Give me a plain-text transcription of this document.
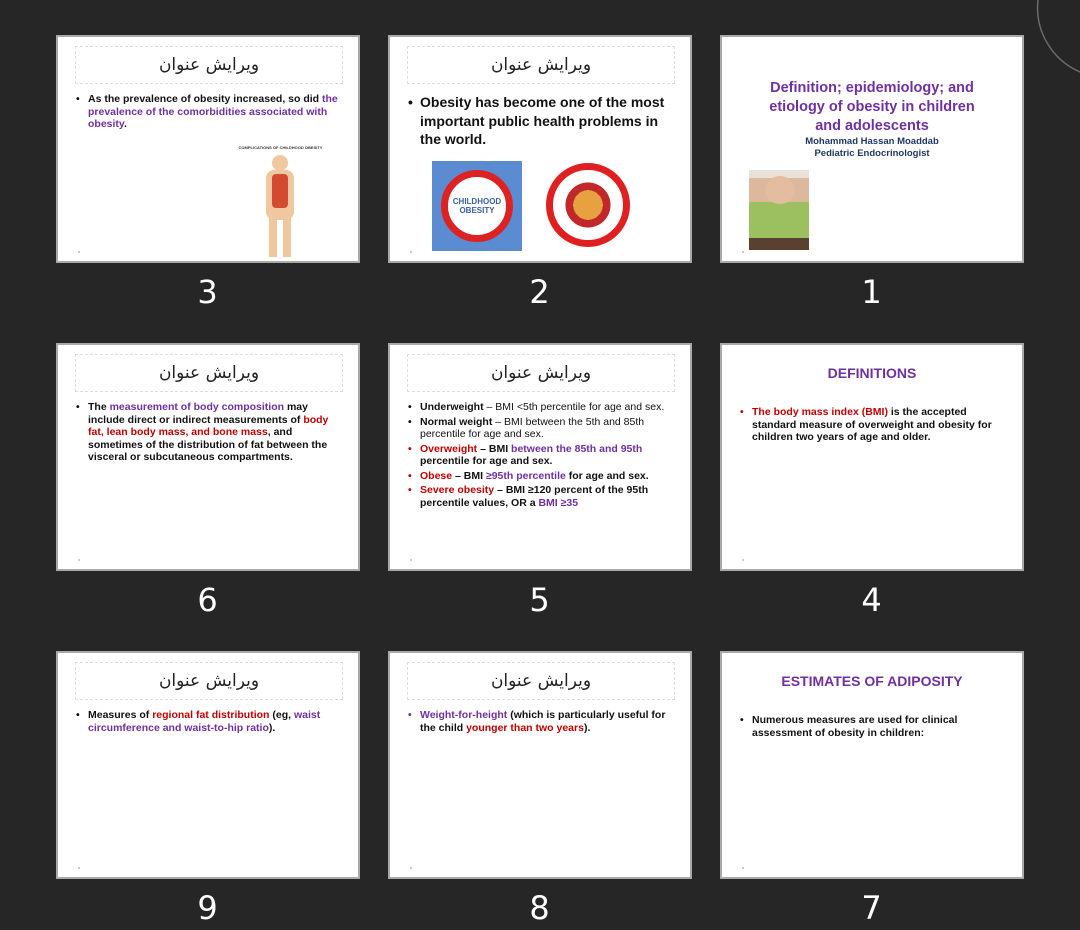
ویرایش عنوان
• As the prevalence of obesity increased, so did the prevalence of the comorbidities associated with obesity.
COMPLICATIONS OF CHILDHOOD OBESITY
3
ویرایش عنوان
• Obesity has become one of the most important public health problems in the world.
CHILDHOOD OBESITY
2
Definition; epidemiology; and etiology of obesity in children and adolescents
Mohammad Hassan Moaddab
Pediatric Endocrinologist
1
ویرایش عنوان
• The measurement of body composition may include direct or indirect measurements of body fat, lean body mass, and bone mass, and sometimes of the distribution of fat between the visceral or subcutaneous compartments.
6
ویرایش عنوان
• Underweight – BMI <5th percentile for age and sex.
• Normal weight – BMI between the 5th and 85th percentile for age and sex.
• Overweight – BMI between the 85th and 95th percentile for age and sex.
• Obese – BMI ≥95th percentile for age and sex.
• Severe obesity – BMI ≥120 percent of the 95th percentile values, OR a BMI ≥35
5
DEFINITIONS
• The body mass index (BMI) is the accepted standard measure of overweight and obesity for children two years of age and older.
4
ویرایش عنوان
• Measures of regional fat distribution (eg, waist circumference and waist-to-hip ratio).
9
ویرایش عنوان
• Weight-for-height (which is particularly useful for the child younger than two years).
8
ESTIMATES OF ADIPOSITY
• Numerous measures are used for clinical assessment of obesity in children:
7
